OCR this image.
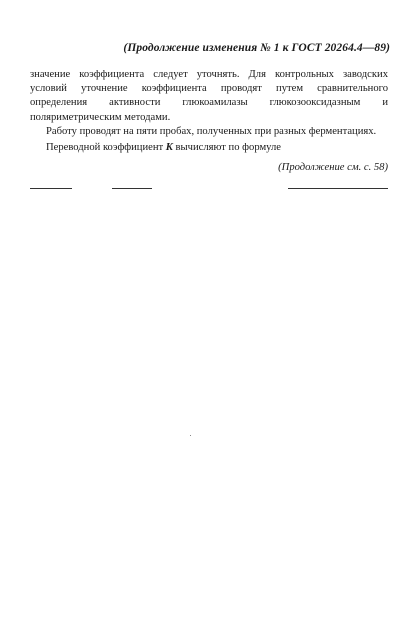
(Продолжение изменения № 1 к ГОСТ 20264.4—89)

значение коэффициента следует уточнять. Для контрольных заводских условий уточнение коэффициента проводят путем сравнительного определения активности глюкоамилазы глюкозооксидазным и поляриметрическим методами.

Работу проводят на пяти пробах, полученных при разных ферментациях.

Переводной коэффициент K вычисляют по формуле
(Продолжение см. с. 58)
